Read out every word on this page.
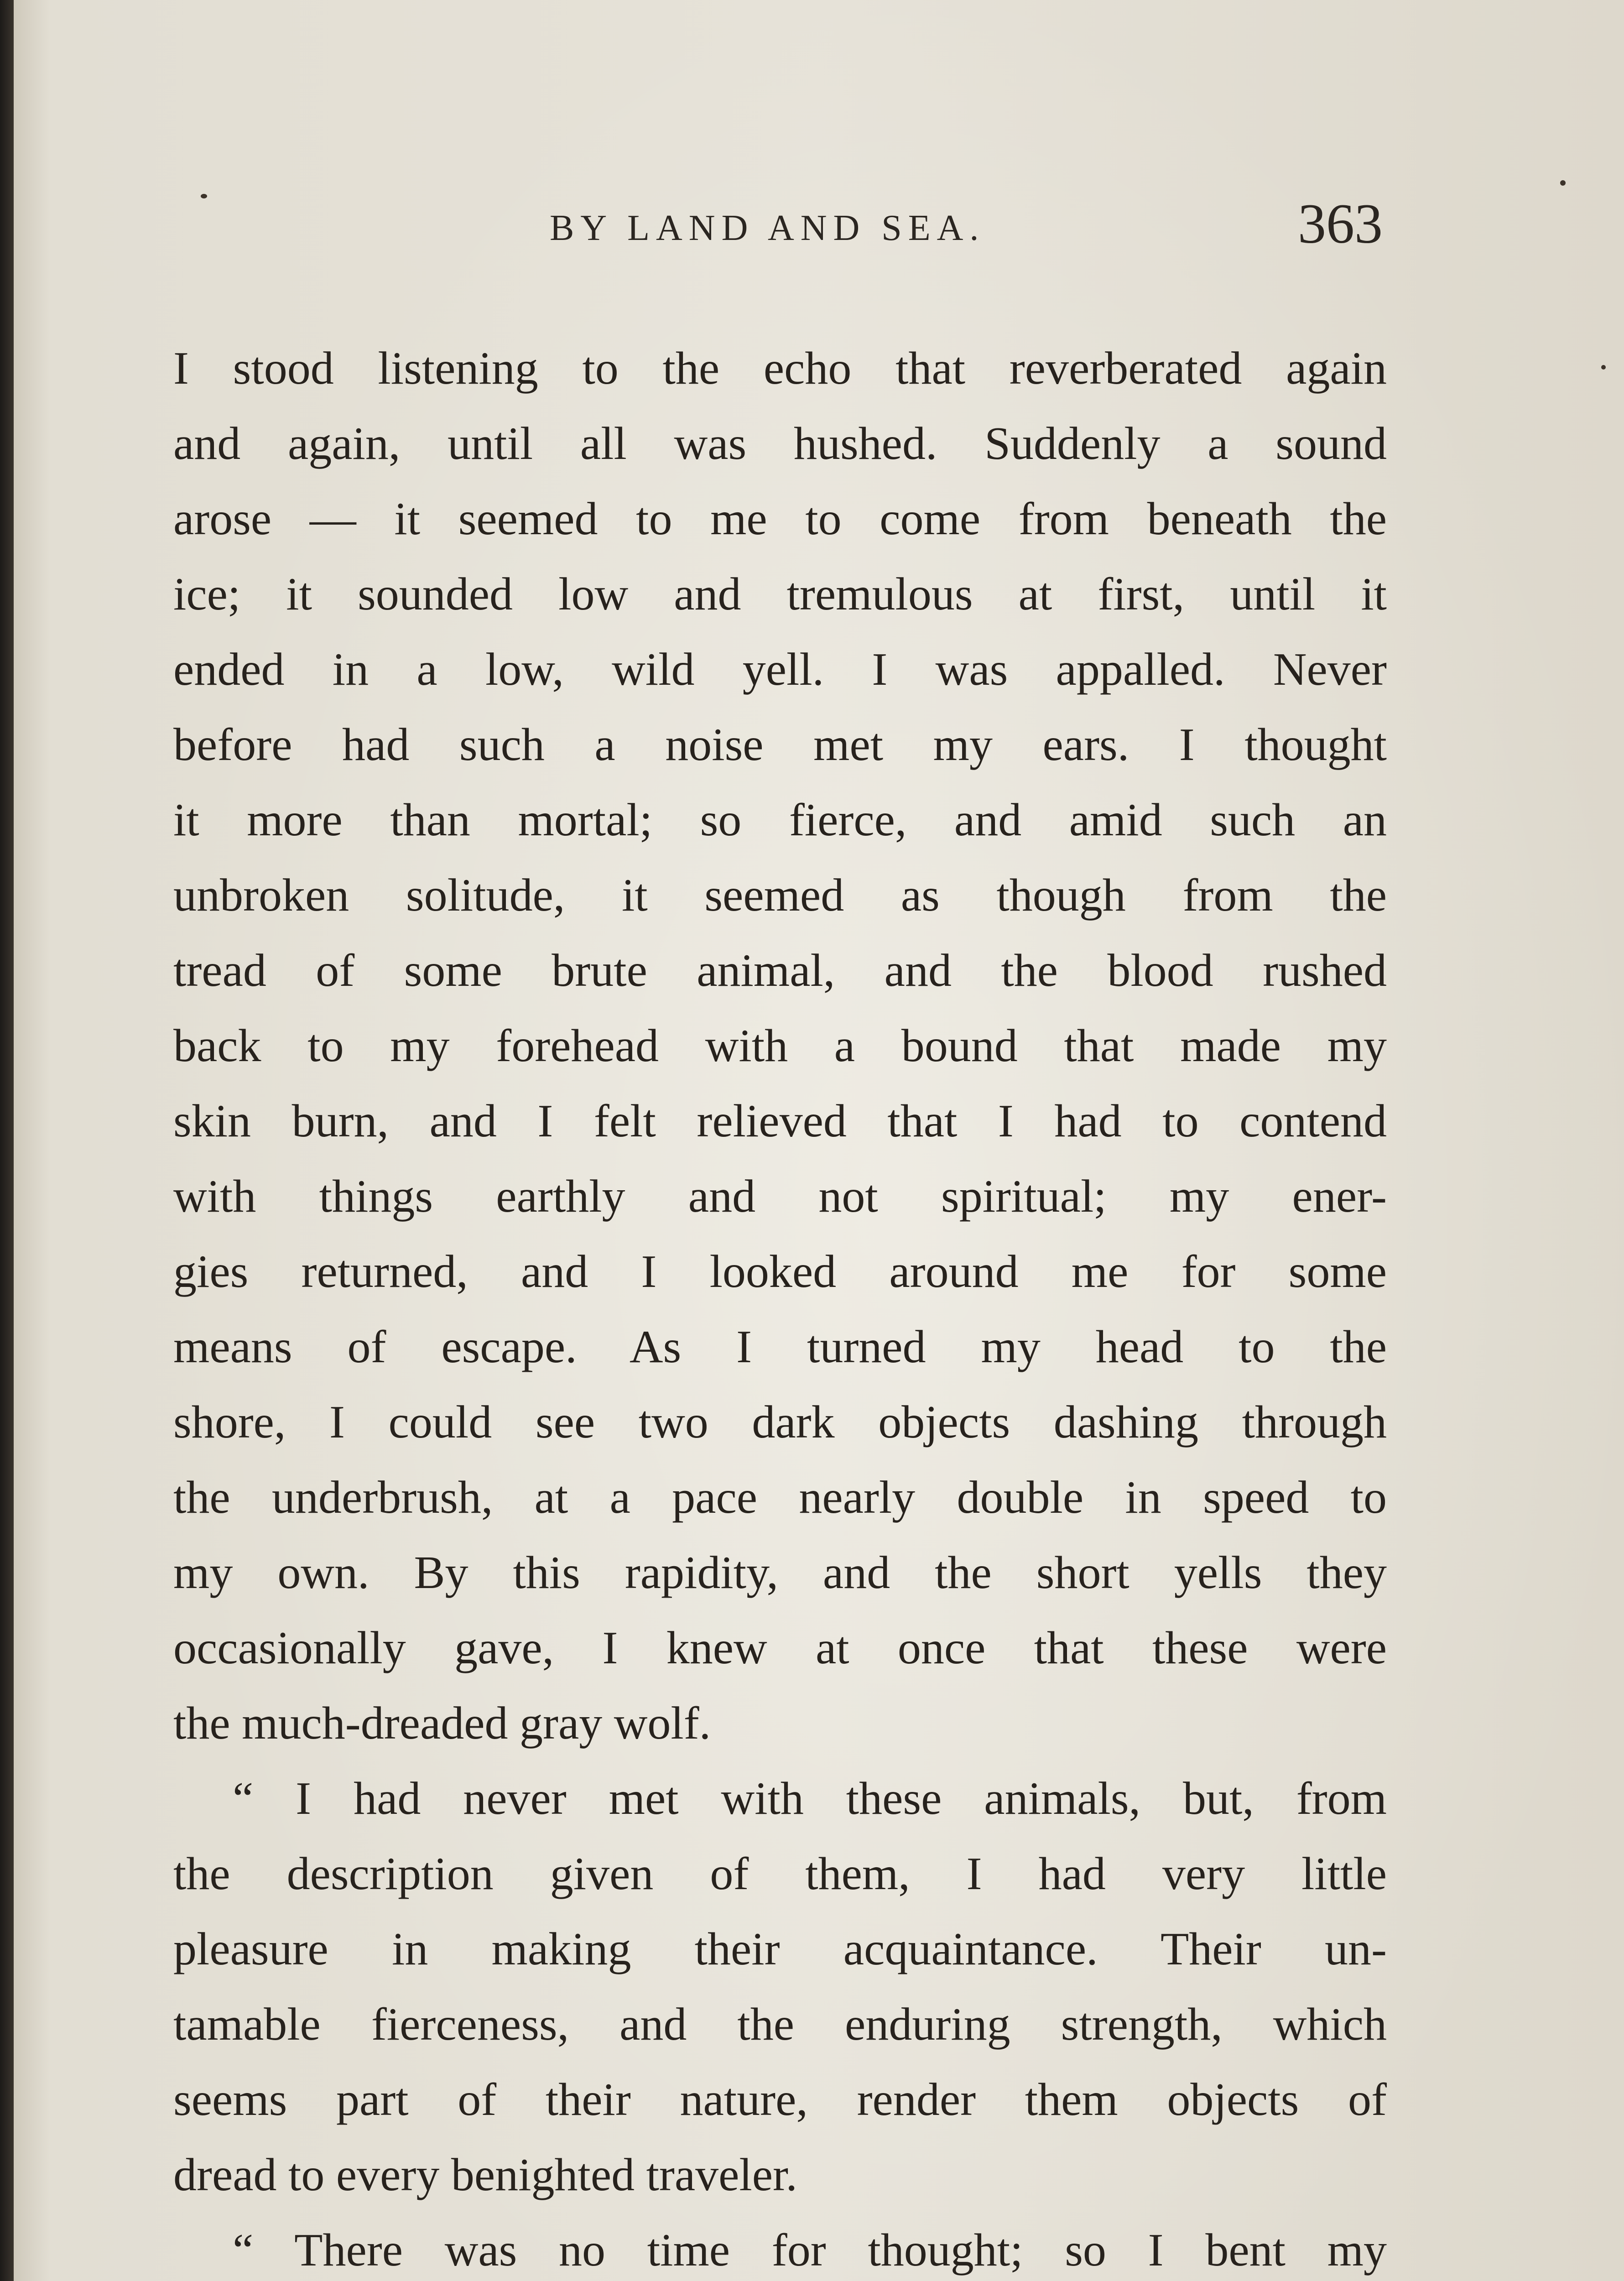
BY LAND AND SEA.	363
I stood listening to the echo that reverberated again
and again, until all was hushed. Suddenly a sound
arose — it seemed to me to come from beneath the
ice; it sounded low and tremulous at first, until it
ended in a low, wild yell. I was appalled. Never
before had such a noise met my ears. I thought
it more than mortal; so fierce, and amid such an
unbroken solitude, it seemed as though from the
tread of some brute animal, and the blood rushed
back to my forehead with a bound that made my
skin burn, and I felt relieved that I had to contend
with things earthly and not spiritual; my ener-
gies returned, and I looked around me for some
means of escape. As I turned my head to the
shore, I could see two dark objects dashing through
the underbrush, at a pace nearly double in speed to
my own. By this rapidity, and the short yells they
occasionally gave, I knew at once that these were
the much-dreaded gray wolf.
“ I had never met with these animals, but, from
the description given of them, I had very little
pleasure in making their acquaintance. Their un-
tamable fierceness, and the enduring strength, which
seems part of their nature, render them objects of
dread to every benighted traveler.
“ There was no time for thought; so I bent my
